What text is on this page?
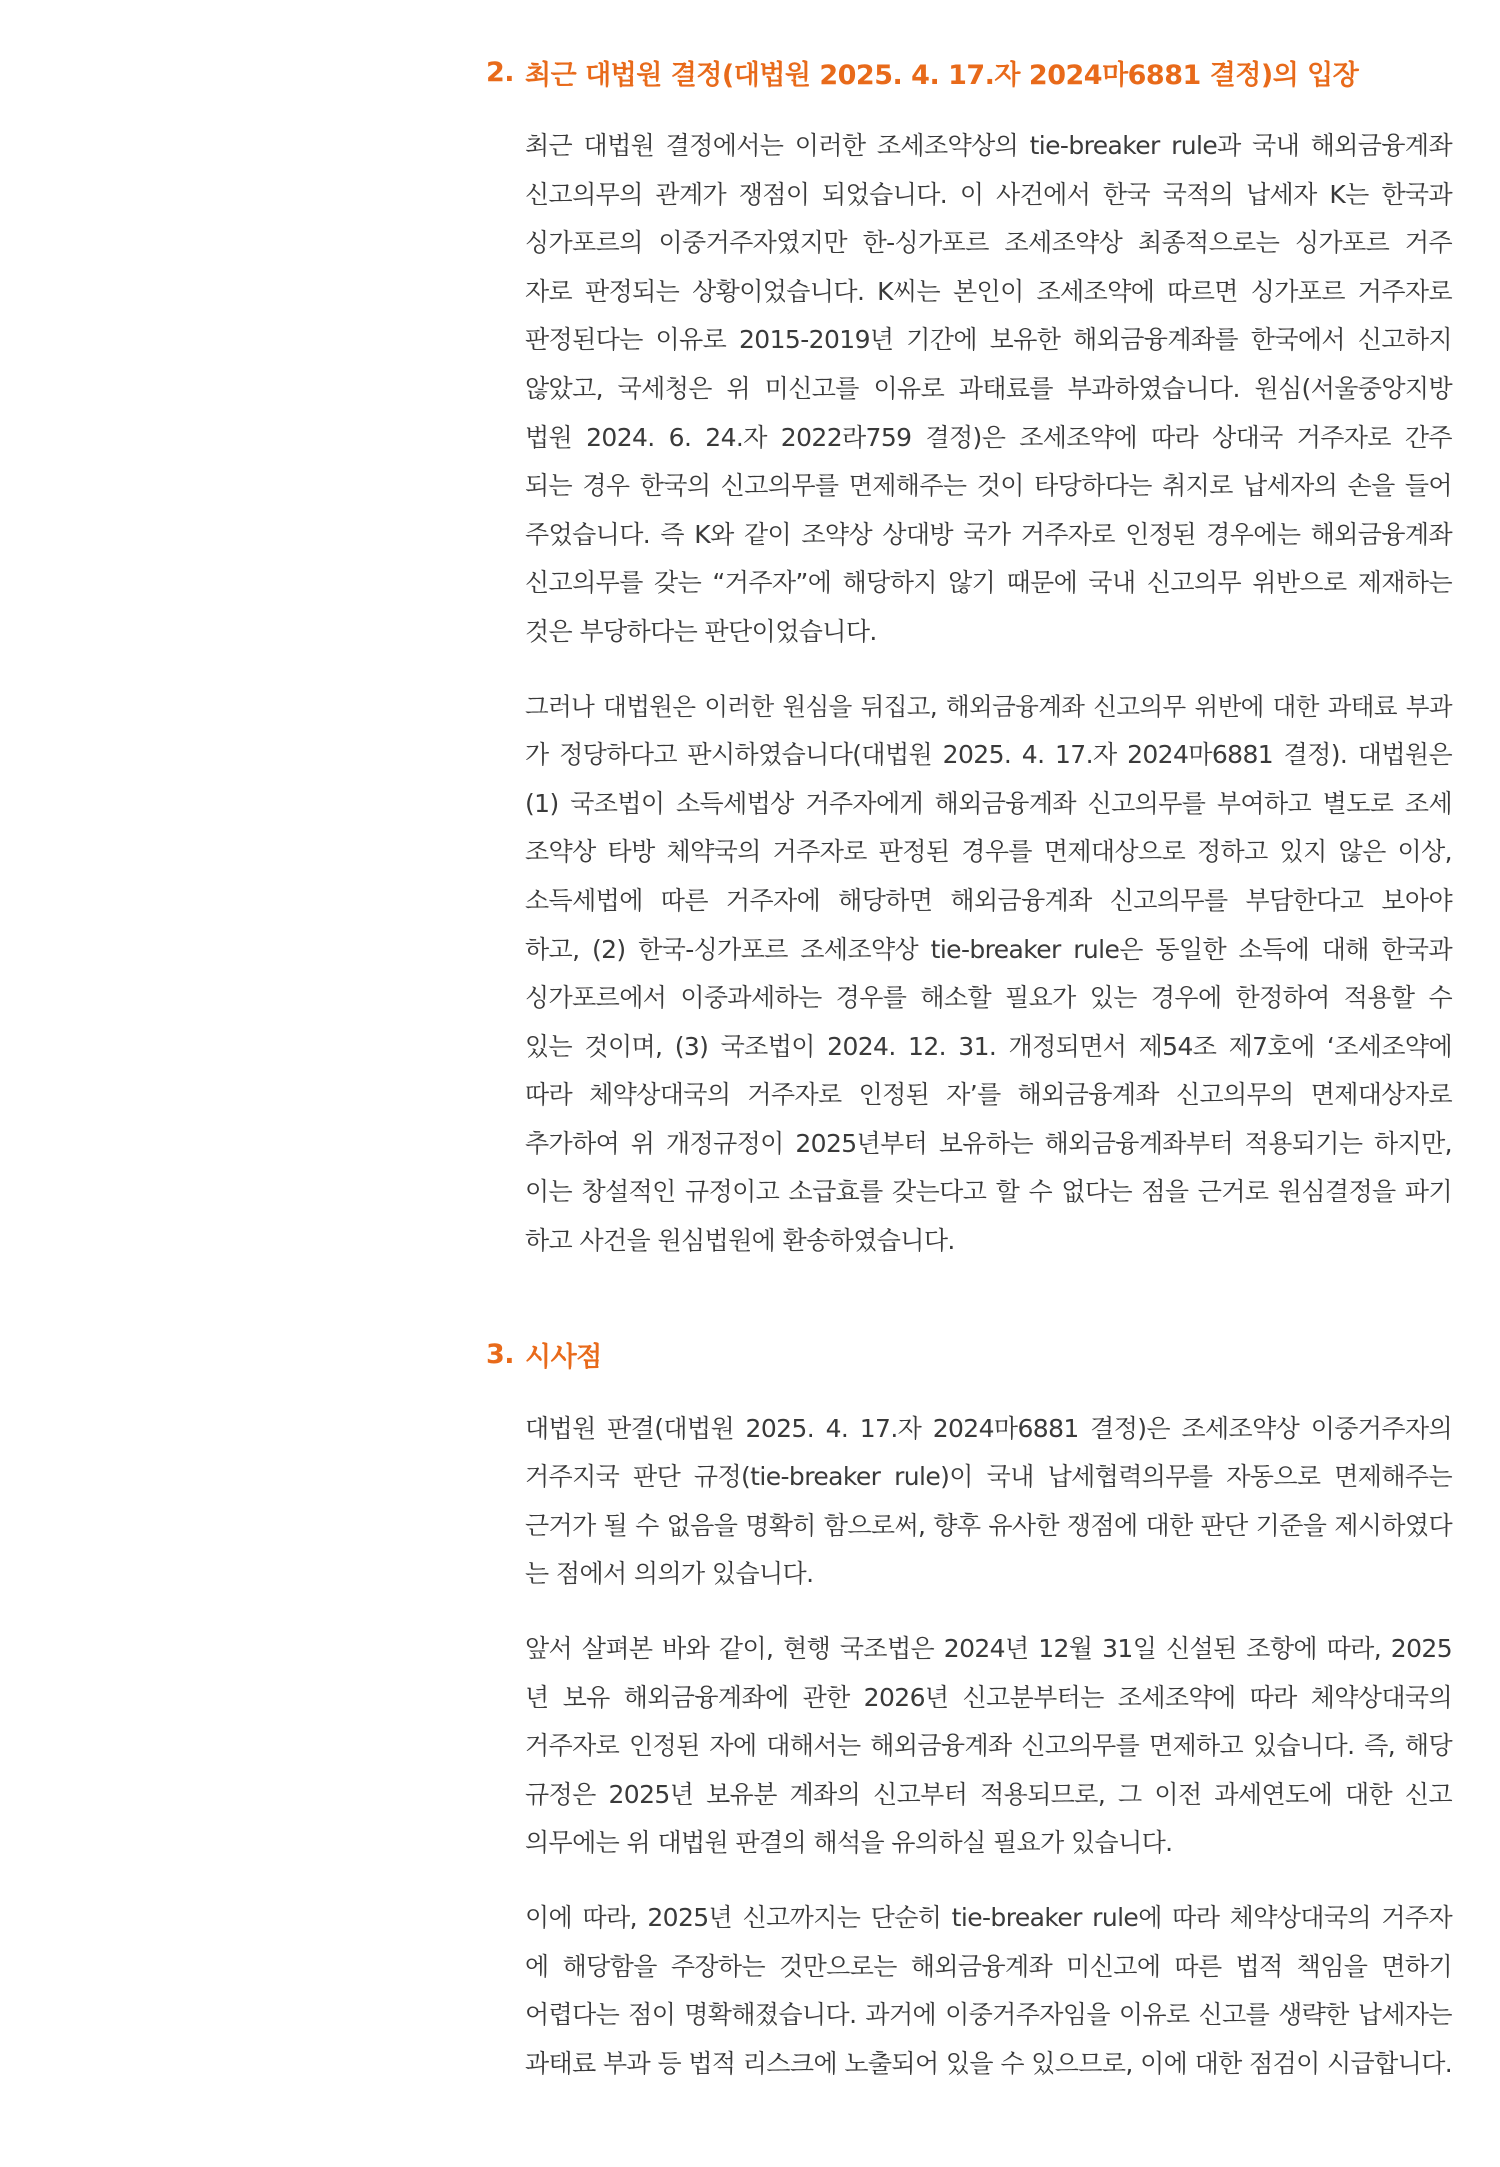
2. 최근 대법원 결정(대법원 2025. 4. 17.자 2024마6881 결정)의 입장
최근 대법원 결정에서는 이러한 조세조약상의 tie-breaker rule과 국내 해외금융계좌
신고의무의 관계가 쟁점이 되었습니다. 이 사건에서 한국 국적의 납세자 K는 한국과
싱가포르의 이중거주자였지만 한-싱가포르 조세조약상 최종적으로는 싱가포르 거주
자로 판정되는 상황이었습니다. K씨는 본인이 조세조약에 따르면 싱가포르 거주자로
판정된다는 이유로 2015-2019년 기간에 보유한 해외금융계좌를 한국에서 신고하지
않았고, 국세청은 위 미신고를 이유로 과태료를 부과하였습니다. 원심(서울중앙지방
법원 2024. 6. 24.자 2022라759 결정)은 조세조약에 따라 상대국 거주자로 간주
되는 경우 한국의 신고의무를 면제해주는 것이 타당하다는 취지로 납세자의 손을 들어
주었습니다. 즉 K와 같이 조약상 상대방 국가 거주자로 인정된 경우에는 해외금융계좌
신고의무를 갖는 “거주자”에 해당하지 않기 때문에 국내 신고의무 위반으로 제재하는
것은 부당하다는 판단이었습니다.
그러나 대법원은 이러한 원심을 뒤집고, 해외금융계좌 신고의무 위반에 대한 과태료 부과
가 정당하다고 판시하였습니다(대법원 2025. 4. 17.자 2024마6881 결정). 대법원은
(1) 국조법이 소득세법상 거주자에게 해외금융계좌 신고의무를 부여하고 별도로 조세
조약상 타방 체약국의 거주자로 판정된 경우를 면제대상으로 정하고 있지 않은 이상,
소득세법에 따른 거주자에 해당하면 해외금융계좌 신고의무를 부담한다고 보아야
하고, (2) 한국-싱가포르 조세조약상 tie-breaker rule은 동일한 소득에 대해 한국과
싱가포르에서 이중과세하는 경우를 해소할 필요가 있는 경우에 한정하여 적용할 수
있는 것이며, (3) 국조법이 2024. 12. 31. 개정되면서 제54조 제7호에 ‘조세조약에
따라 체약상대국의 거주자로 인정된 자’를 해외금융계좌 신고의무의 면제대상자로
추가하여 위 개정규정이 2025년부터 보유하는 해외금융계좌부터 적용되기는 하지만,
이는 창설적인 규정이고 소급효를 갖는다고 할 수 없다는 점을 근거로 원심결정을 파기
하고 사건을 원심법원에 환송하였습니다.
3. 시사점
대법원 판결(대법원 2025. 4. 17.자 2024마6881 결정)은 조세조약상 이중거주자의
거주지국 판단 규정(tie-breaker rule)이 국내 납세협력의무를 자동으로 면제해주는
근거가 될 수 없음을 명확히 함으로써, 향후 유사한 쟁점에 대한 판단 기준을 제시하였다
는 점에서 의의가 있습니다.
앞서 살펴본 바와 같이, 현행 국조법은 2024년 12월 31일 신설된 조항에 따라, 2025
년 보유 해외금융계좌에 관한 2026년 신고분부터는 조세조약에 따라 체약상대국의
거주자로 인정된 자에 대해서는 해외금융계좌 신고의무를 면제하고 있습니다. 즉, 해당
규정은 2025년 보유분 계좌의 신고부터 적용되므로, 그 이전 과세연도에 대한 신고
의무에는 위 대법원 판결의 해석을 유의하실 필요가 있습니다.
이에 따라, 2025년 신고까지는 단순히 tie-breaker rule에 따라 체약상대국의 거주자
에 해당함을 주장하는 것만으로는 해외금융계좌 미신고에 따른 법적 책임을 면하기
어렵다는 점이 명확해졌습니다. 과거에 이중거주자임을 이유로 신고를 생략한 납세자는
과태료 부과 등 법적 리스크에 노출되어 있을 수 있으므로, 이에 대한 점검이 시급합니다.
